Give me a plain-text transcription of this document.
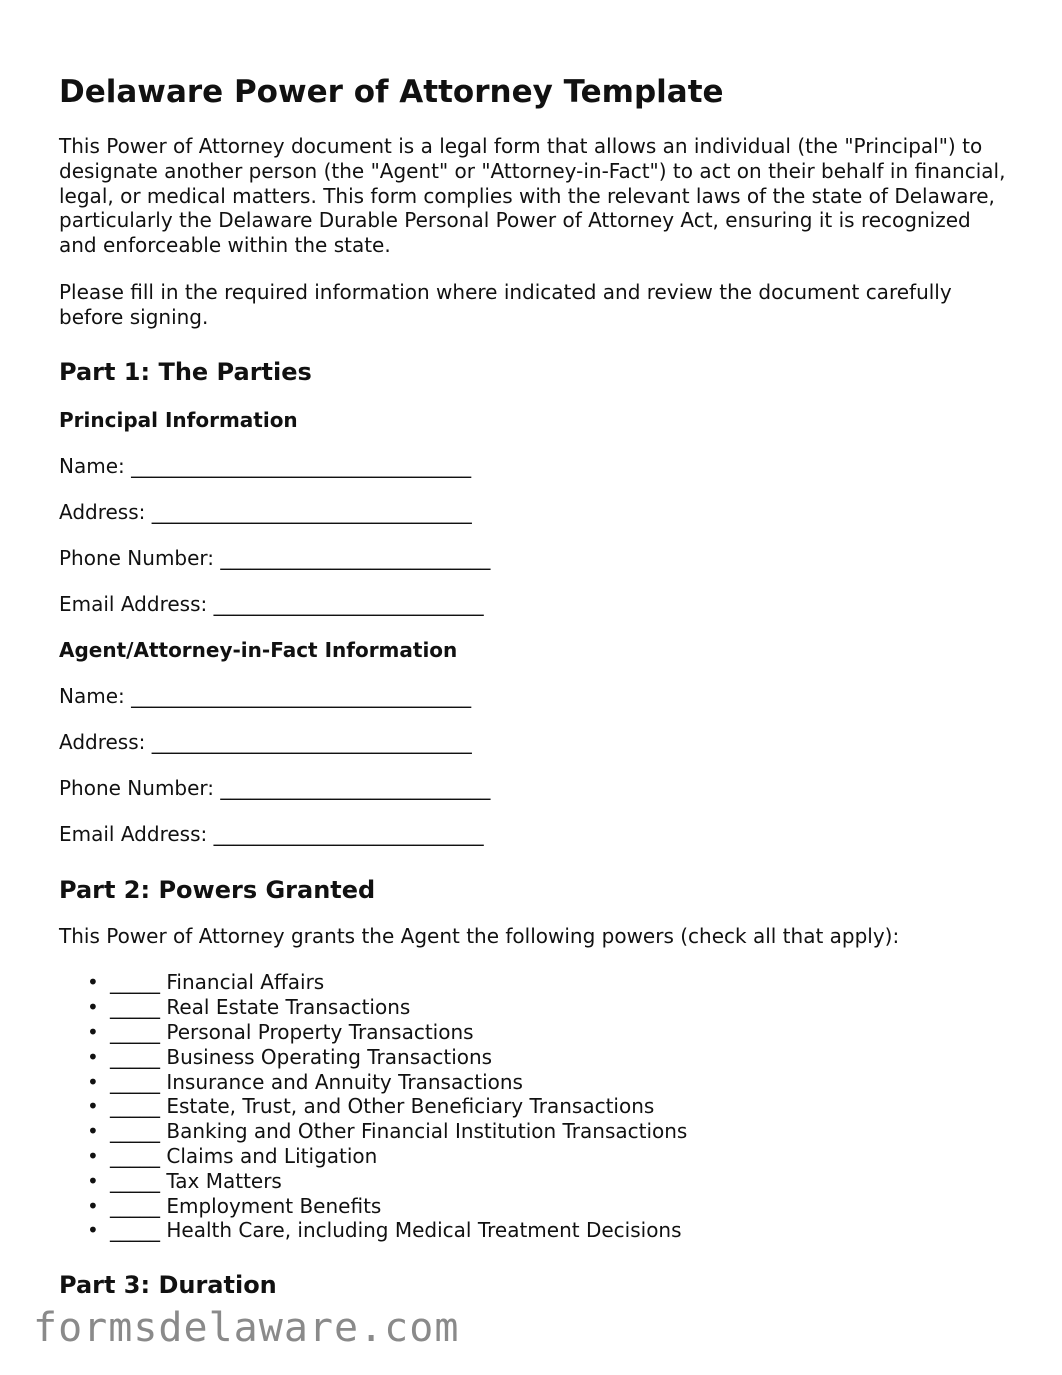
Delaware Power of Attorney Template

This Power of Attorney document is a legal form that allows an individual (the "Principal") to designate another person (the "Agent" or "Attorney-in-Fact") to act on their behalf in financial, legal, or medical matters. This form complies with the relevant laws of the state of Delaware, particularly the Delaware Durable Personal Power of Attorney Act, ensuring it is recognized and enforceable within the state.

Please fill in the required information where indicated and review the document carefully before signing.

Part 1: The Parties
Principal Information
Name: __________________________________
Address: ________________________________
Phone Number: ___________________________
Email Address: ___________________________
Agent/Attorney-in-Fact Information
Name: __________________________________
Address: ________________________________
Phone Number: ___________________________
Email Address: ___________________________
Part 2: Powers Granted

This Power of Attorney grants the Agent the following powers (check all that apply):

• _____ Financial Affairs
• _____ Real Estate Transactions
• _____ Personal Property Transactions
• _____ Business Operating Transactions
• _____ Insurance and Annuity Transactions
• _____ Estate, Trust, and Other Beneficiary Transactions
• _____ Banking and Other Financial Institution Transactions
• _____ Claims and Litigation
• _____ Tax Matters
• _____ Employment Benefits
• _____ Health Care, including Medical Treatment Decisions
Part 3: Duration
formsdelaware.com
